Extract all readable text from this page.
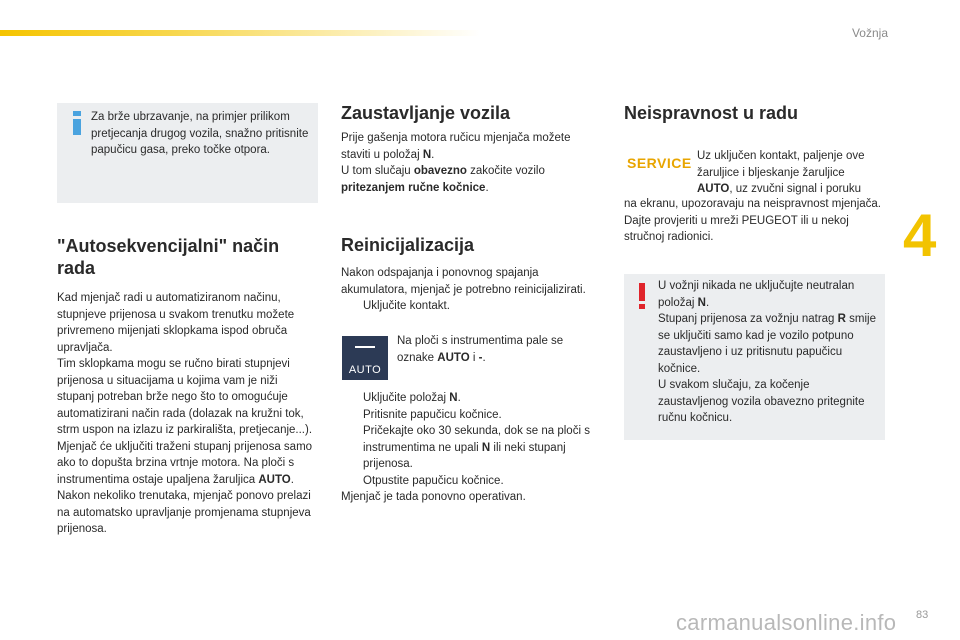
Vožnja
4
83
carmanualsonline.info
Za brže ubrzavanje, na primjer prilikom pretjecanja drugog vozila, snažno pritisnite papučicu gasa, preko točke otpora.
"Autosekvencijalni" način rada
Kad mjenjač radi u automatiziranom načinu, stupnjeve prijenosa u svakom trenutku možete privremeno mijenjati sklopkama ispod obruča upravljača.
Tim sklopkama mogu se ručno birati stupnjevi prijenosa u situacijama u kojima vam je niži stupanj potreban brže nego što to omogućuje automatizirani način rada (dolazak na kružni tok, strm uspon na izlazu iz parkirališta, pretjecanje...).
Mjenjač će uključiti traženi stupanj prijenosa samo ako to dopušta brzina vrtnje motora. Na ploči s instrumentima ostaje upaljena žaruljica AUTO.
Nakon nekoliko trenutaka, mjenjač ponovo prelazi na automatsko upravljanje promjenama stupnjeva prijenosa.
Zaustavljanje vozila
Prije gašenja motora ručicu mjenjača možete staviti u položaj N.
U tom slučaju obavezno zakočite vozilo pritezanjem ručne kočnice.
Reinicijalizacija
Nakon odspajanja i ponovnog spajanja akumulatora, mjenjač je potrebno reinicijalizirati.
Uključite kontakt.
AUTO
Na ploči s instrumentima pale se oznake AUTO i -.
Uključite položaj N.
Pritisnite papučicu kočnice.
Pričekajte oko 30 sekunda, dok se na ploči s instrumentima ne upali N ili neki stupanj prijenosa.
Otpustite papučicu kočnice.
Mjenjač je tada ponovno operativan.
Neispravnost u radu
SERVICE Uz uključen kontakt, paljenje ove žaruljice i bljeskanje žaruljice AUTO, uz zvučni signal i poruku
na ekranu, upozoravaju na neispravnost mjenjača.
Dajte provjeriti u mreži PEUGEOT ili u nekoj stručnoj radionici.
U vožnji nikada ne uključujte neutralan položaj N.
Stupanj prijenosa za vožnju natrag R smije se uključiti samo kad je vozilo potpuno zaustavljeno i uz pritisnutu papučicu kočnice.
U svakom slučaju, za kočenje zaustavljenog vozila obavezno pritegnite ručnu kočnicu.
